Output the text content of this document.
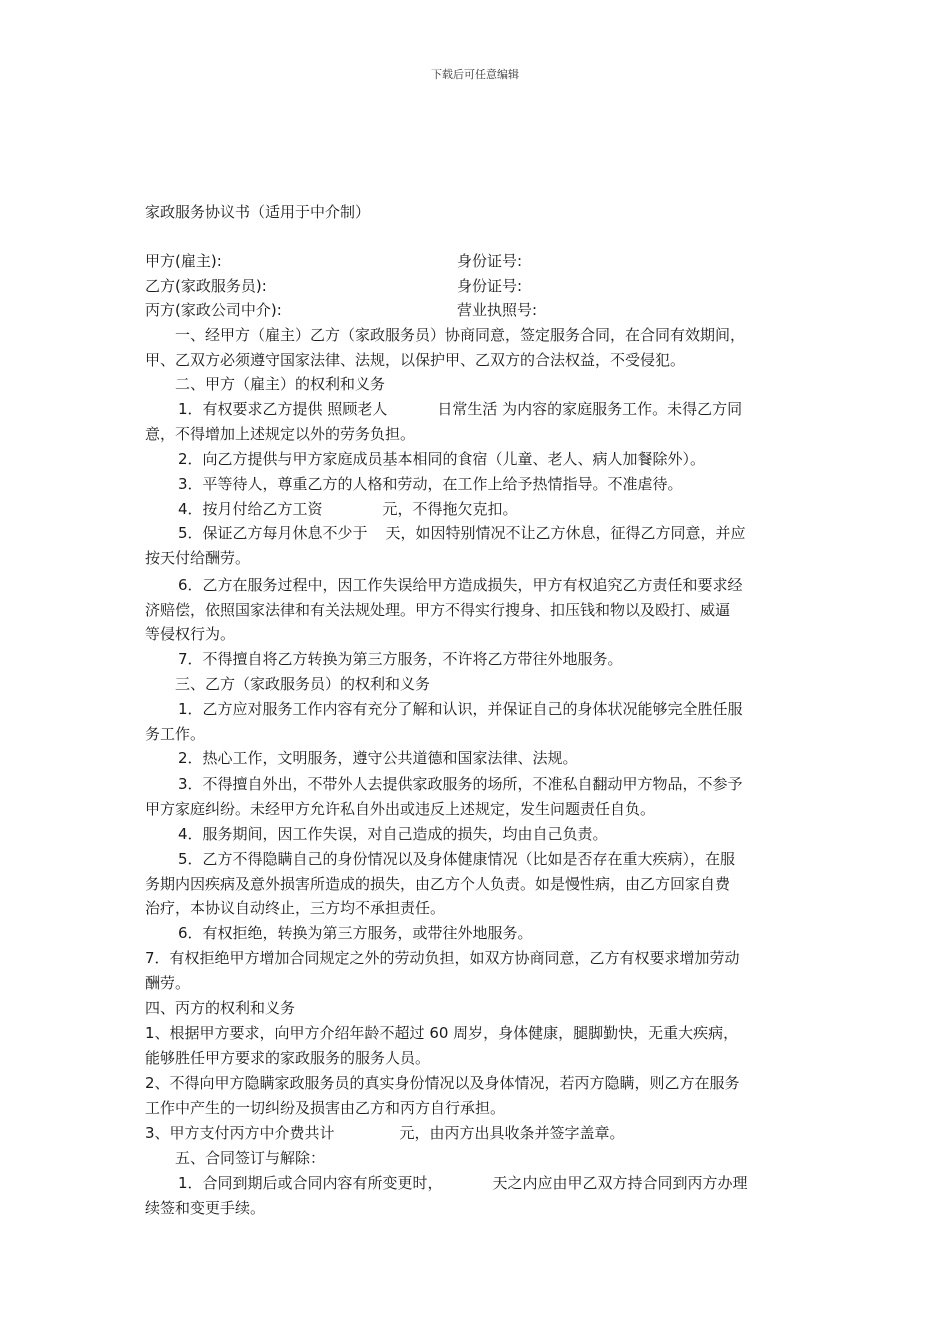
下载后可任意编辑
家政服务协议书（适用于中介制）
甲方(雇主):	身份证号:
乙方(家政服务员):	身份证号:
丙方(家政公司中介):	营业执照号:
一、经甲方（雇主）乙方（家政服务员）协商同意，签定服务合同，在合同有效期间，
甲、乙双方必须遵守国家法律、法规，以保护甲、乙双方的合法权益，不受侵犯。
二、甲方（雇主）的权利和义务
1．有权要求乙方提供 照顾老人	日常生活 为内容的家庭服务工作。未得乙方同
意，不得增加上述规定以外的劳务负担。
2．向乙方提供与甲方家庭成员基本相同的食宿（儿童、老人、病人加餐除外）。
3．平等待人，尊重乙方的人格和劳动，在工作上给予热情指导。不准虐待。
4．按月付给乙方工资	元，不得拖欠克扣。
5．保证乙方每月休息不少于 天，如因特别情况不让乙方休息，征得乙方同意，并应
按天付给酬劳。
6．乙方在服务过程中，因工作失误给甲方造成损失，甲方有权追究乙方责任和要求经
济赔偿，依照国家法律和有关法规处理。甲方不得实行搜身、扣压钱和物以及殴打、威逼
等侵权行为。
7．不得擅自将乙方转换为第三方服务，不许将乙方带往外地服务。
三、乙方（家政服务员）的权利和义务
1．乙方应对服务工作内容有充分了解和认识，并保证自己的身体状况能够完全胜任服
务工作。
2．热心工作，文明服务，遵守公共道德和国家法律、法规。
3．不得擅自外出，不带外人去提供家政服务的场所，不准私自翻动甲方物品，不参予
甲方家庭纠纷。未经甲方允许私自外出或违反上述规定，发生问题责任自负。
4．服务期间，因工作失误，对自己造成的损失，均由自己负责。
5．乙方不得隐瞒自己的身份情况以及身体健康情况（比如是否存在重大疾病），在服
务期内因疾病及意外损害所造成的损失，由乙方个人负责。如是慢性病，由乙方回家自费
治疗，本协议自动终止，三方均不承担责任。
6．有权拒绝，转换为第三方服务，或带往外地服务。
7．有权拒绝甲方增加合同规定之外的劳动负担，如双方协商同意，乙方有权要求增加劳动
酬劳。
四、丙方的权利和义务
1、根据甲方要求，向甲方介绍年龄不超过 60 周岁，身体健康，腿脚勤快，无重大疾病，
能够胜任甲方要求的家政服务的服务人员。
2、不得向甲方隐瞒家政服务员的真实身份情况以及身体情况，若丙方隐瞒，则乙方在服务
工作中产生的一切纠纷及损害由乙方和丙方自行承担。
3、甲方支付丙方中介费共计	元，由丙方出具收条并签字盖章。
五、合同签订与解除：
1．合同到期后或合同内容有所变更时，	天之内应由甲乙双方持合同到丙方办理
续签和变更手续。
